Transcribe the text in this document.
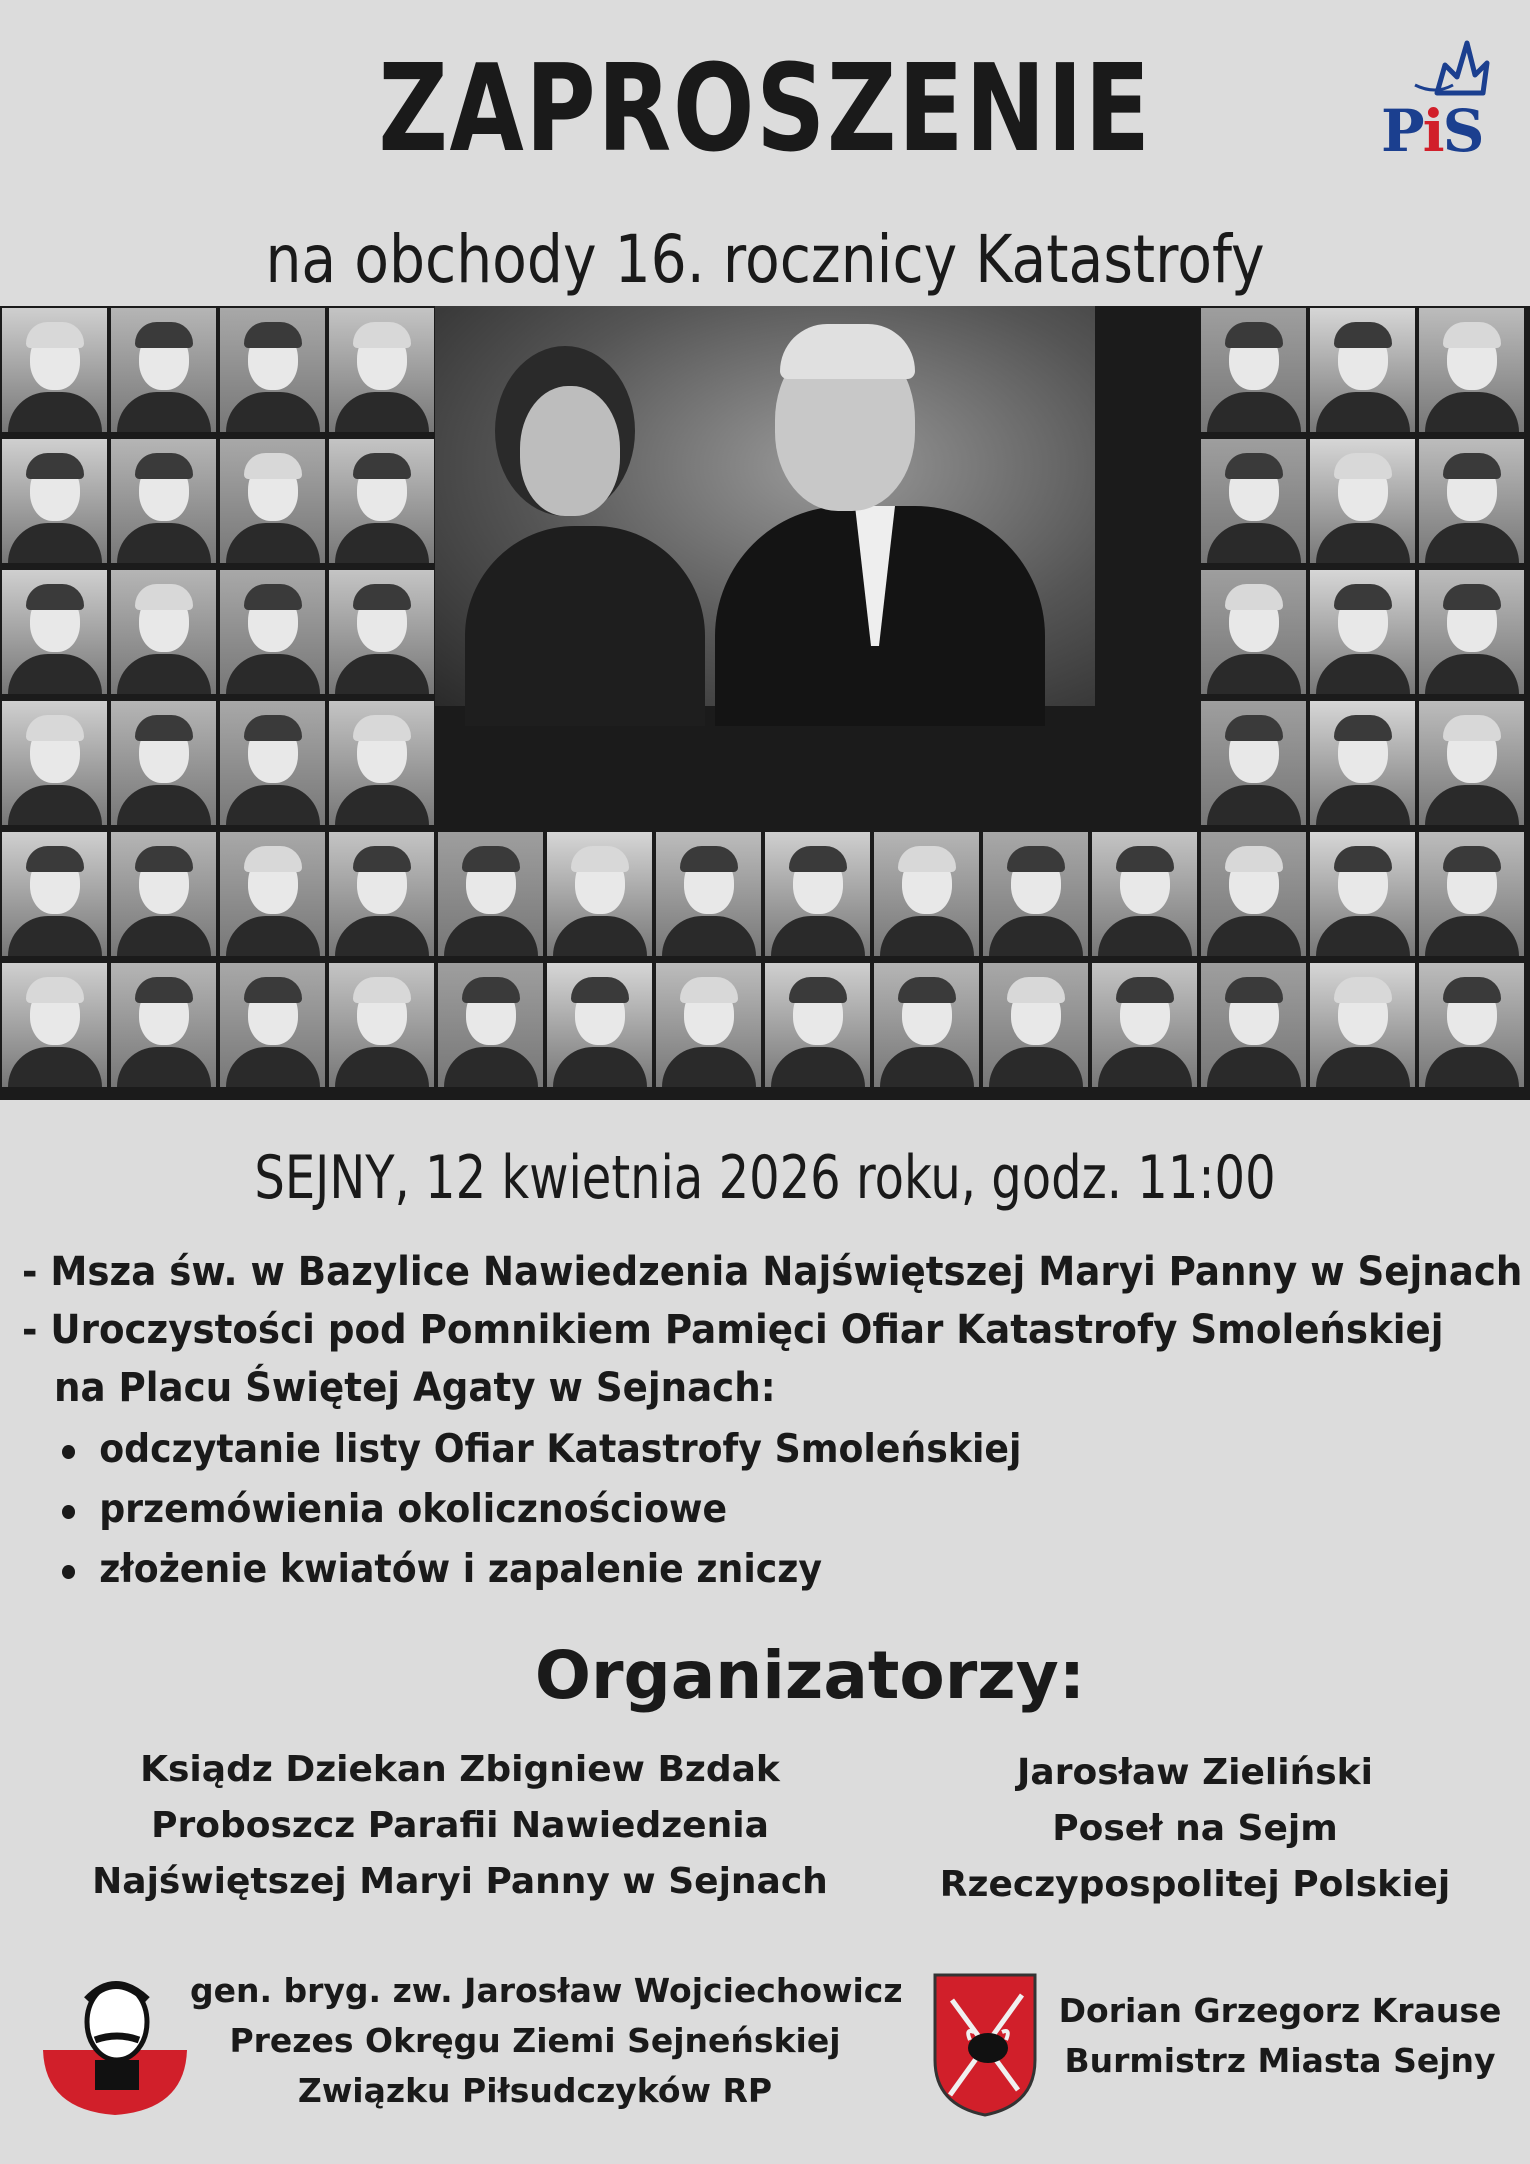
ZAPROSZENIE
na obchody 16. rocznicy Katastrofy
PiS
SEJNY, 12 kwietnia 2026 roku, godz. 11:00
- Msza św. w Bazylice Nawiedzenia Najświętszej Maryi Panny w Sejnach
- Uroczystości pod Pomnikiem Pamięci Ofiar Katastrofy Smoleńskiej
na Placu Świętej Agaty w Sejnach:
odczytanie listy Ofiar Katastrofy Smoleńskiej
przemówienia okolicznościowe
złożenie kwiatów i zapalenie zniczy
Organizatorzy:
Ksiądz Dziekan Zbigniew Bzdak
Proboszcz Parafii Nawiedzenia
Najświętszej Maryi Panny w Sejnach
Jarosław Zieliński
Poseł na Sejm
Rzeczypospolitej Polskiej
gen. bryg. zw. Jarosław Wojciechowicz
Prezes Okręgu Ziemi Sejneńskiej
Związku Piłsudczyków RP
Dorian Grzegorz Krause
Burmistrz Miasta Sejny
